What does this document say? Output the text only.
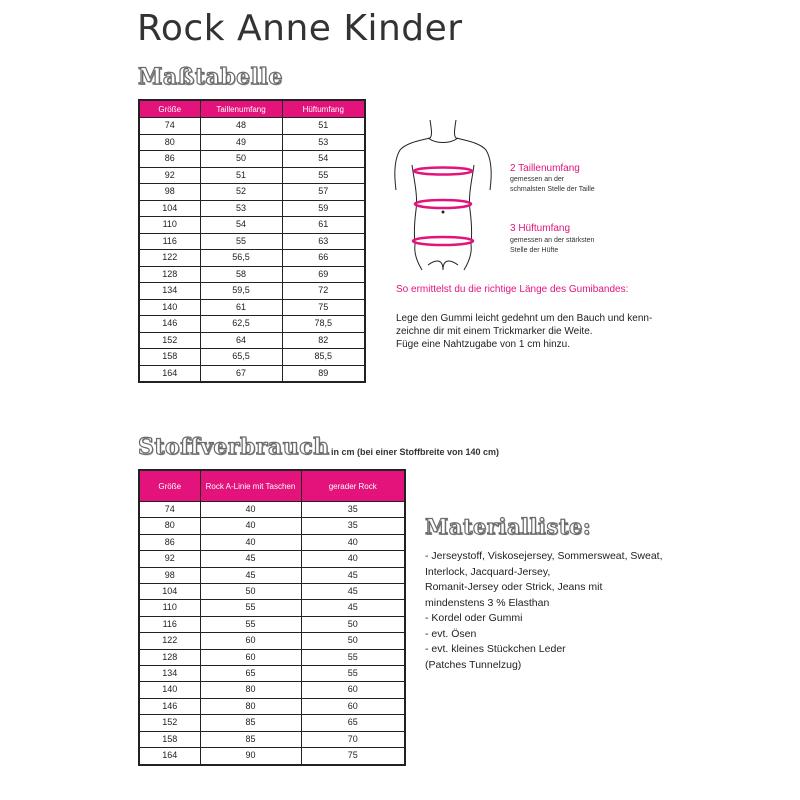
Rock Anne Kinder
Maßtabelle
Größe	Taillenumfang	Hüftumfang
74	48	51
80	49	53
86	50	54
92	51	55
98	52	57
104	53	59
110	54	61
116	55	63
122	56,5	66
128	58	69
134	59,5	72
140	61	75
146	62,5	78,5
152	64	82
158	65,5	85,5
164	67	89
2 Taillenumfang
gemessen an der
schmalsten Stelle der Taille
3 Hüftumfang
gemessen an der stärksten
Stelle der Hüfte
So ermittelst du die richtige Länge des Gumibandes:
Lege den Gummi leicht gedehnt um den Bauch und kenn-
zeichne dir mit einem Trickmarker die Weite.
Füge eine Nahtzugabe von 1 cm hinzu.
Stoffverbrauch in cm (bei einer Stoffbreite von 140 cm)
Größe	Rock A-Linie mit Taschen	gerader Rock
74	40	35
80	40	35
86	40	40
92	45	40
98	45	45
104	50	45
110	55	45
116	55	50
122	60	50
128	60	55
134	65	55
140	80	60
146	80	60
152	85	65
158	85	70
164	90	75
Materialliste:
- Jerseystoff, Viskosejersey, Sommersweat, Sweat,
Interlock, Jacquard-Jersey,
Romanit-Jersey oder Strick, Jeans mit
mindenstens 3 % Elasthan
- Kordel oder Gummi
- evt. Ösen
- evt. kleines Stückchen Leder
(Patches Tunnelzug)
